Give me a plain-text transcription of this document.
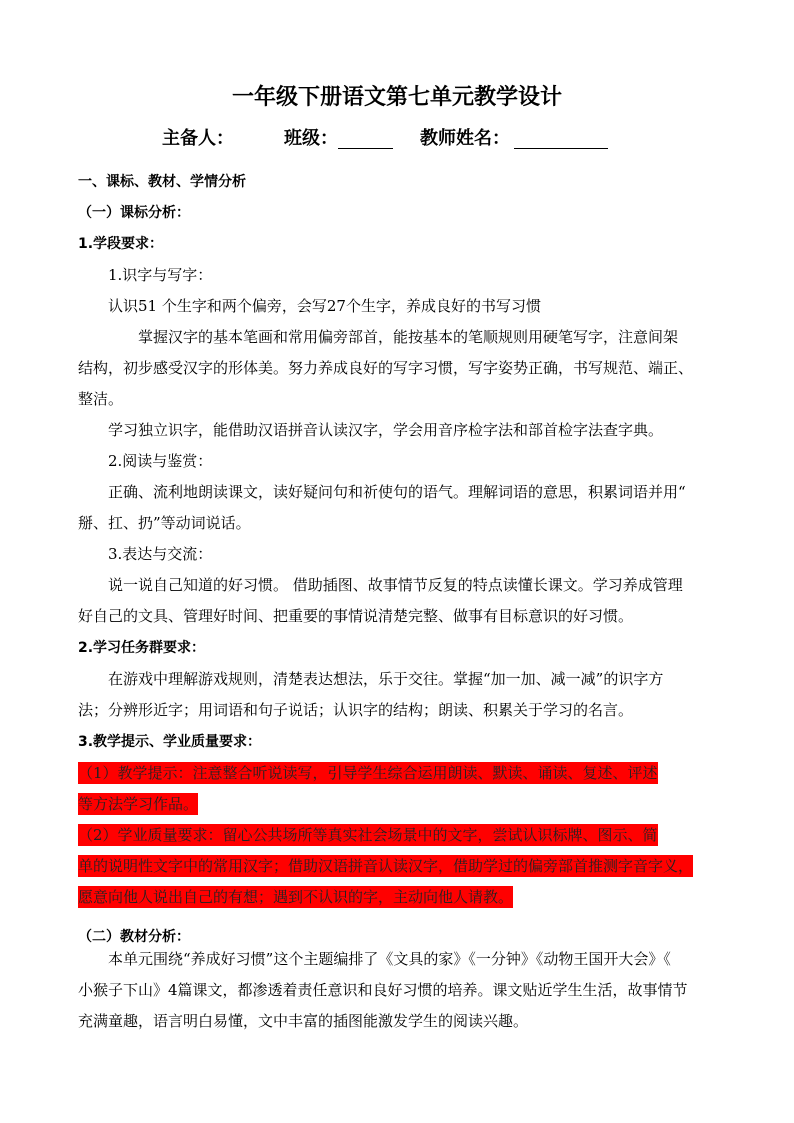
一年级下册语文第七单元教学设计
主备人：	班级：	教师姓名：

一、课标、教材、学情分析

（一）课标分析：

1.学段要求：

1.识字与写字：

认识51 个生字和两个偏旁，会写27个生字，养成良好的书写习惯

掌握汉字的基本笔画和常用偏旁部首，能按基本的笔顺规则用硬笔写字，注意间架

结构，初步感受汉字的形体美。努力养成良好的写字习惯，写字姿势正确，书写规范、端正、

整洁。

学习独立识字，能借助汉语拼音认读汉字，学会用音序检字法和部首检字法查字典。

2.阅读与鉴赏：

正确、流利地朗读课文，读好疑问句和祈使句的语气。理解词语的意思，积累词语并用“

掰、扛、扔”等动词说话。

3.表达与交流：

说一说自己知道的好习惯。 借助插图、故事情节反复的特点读懂长课文。学习养成管理

好自己的文具、管理好时间、把重要的事情说清楚完整、做事有目标意识的好习惯。

2.学习任务群要求：

在游戏中理解游戏规则，清楚表达想法，乐于交往。掌握“加一加、减一减”的识字方

法；分辨形近字；用词语和句子说话；认识字的结构；朗读、积累关于学习的名言。

3.教学提示、学业质量要求：

（1）教学提示：注意整合听说读写，引导学生综合运用朗读、默读、诵读、复述、评述

等方法学习作品。

（2）学业质量要求：留心公共场所等真实社会场景中的文字，尝试认识标牌、图示、简

单的说明性文字中的常用汉字；借助汉语拼音认读汉字，借助学过的偏旁部首推测字音字义，

愿意向他人说出自己的有想；遇到不认识的字，主动向他人请教。

（二）教材分析：

本单元围绕“养成好习惯”这个主题编排了《文具的家》《一分钟》《动物王国开大会》《

小猴子下山》4篇课文，都渗透着责任意识和良好习惯的培养。课文贴近学生生活，故事情节

充满童趣，语言明白易懂，文中丰富的插图能激发学生的阅读兴趣。
